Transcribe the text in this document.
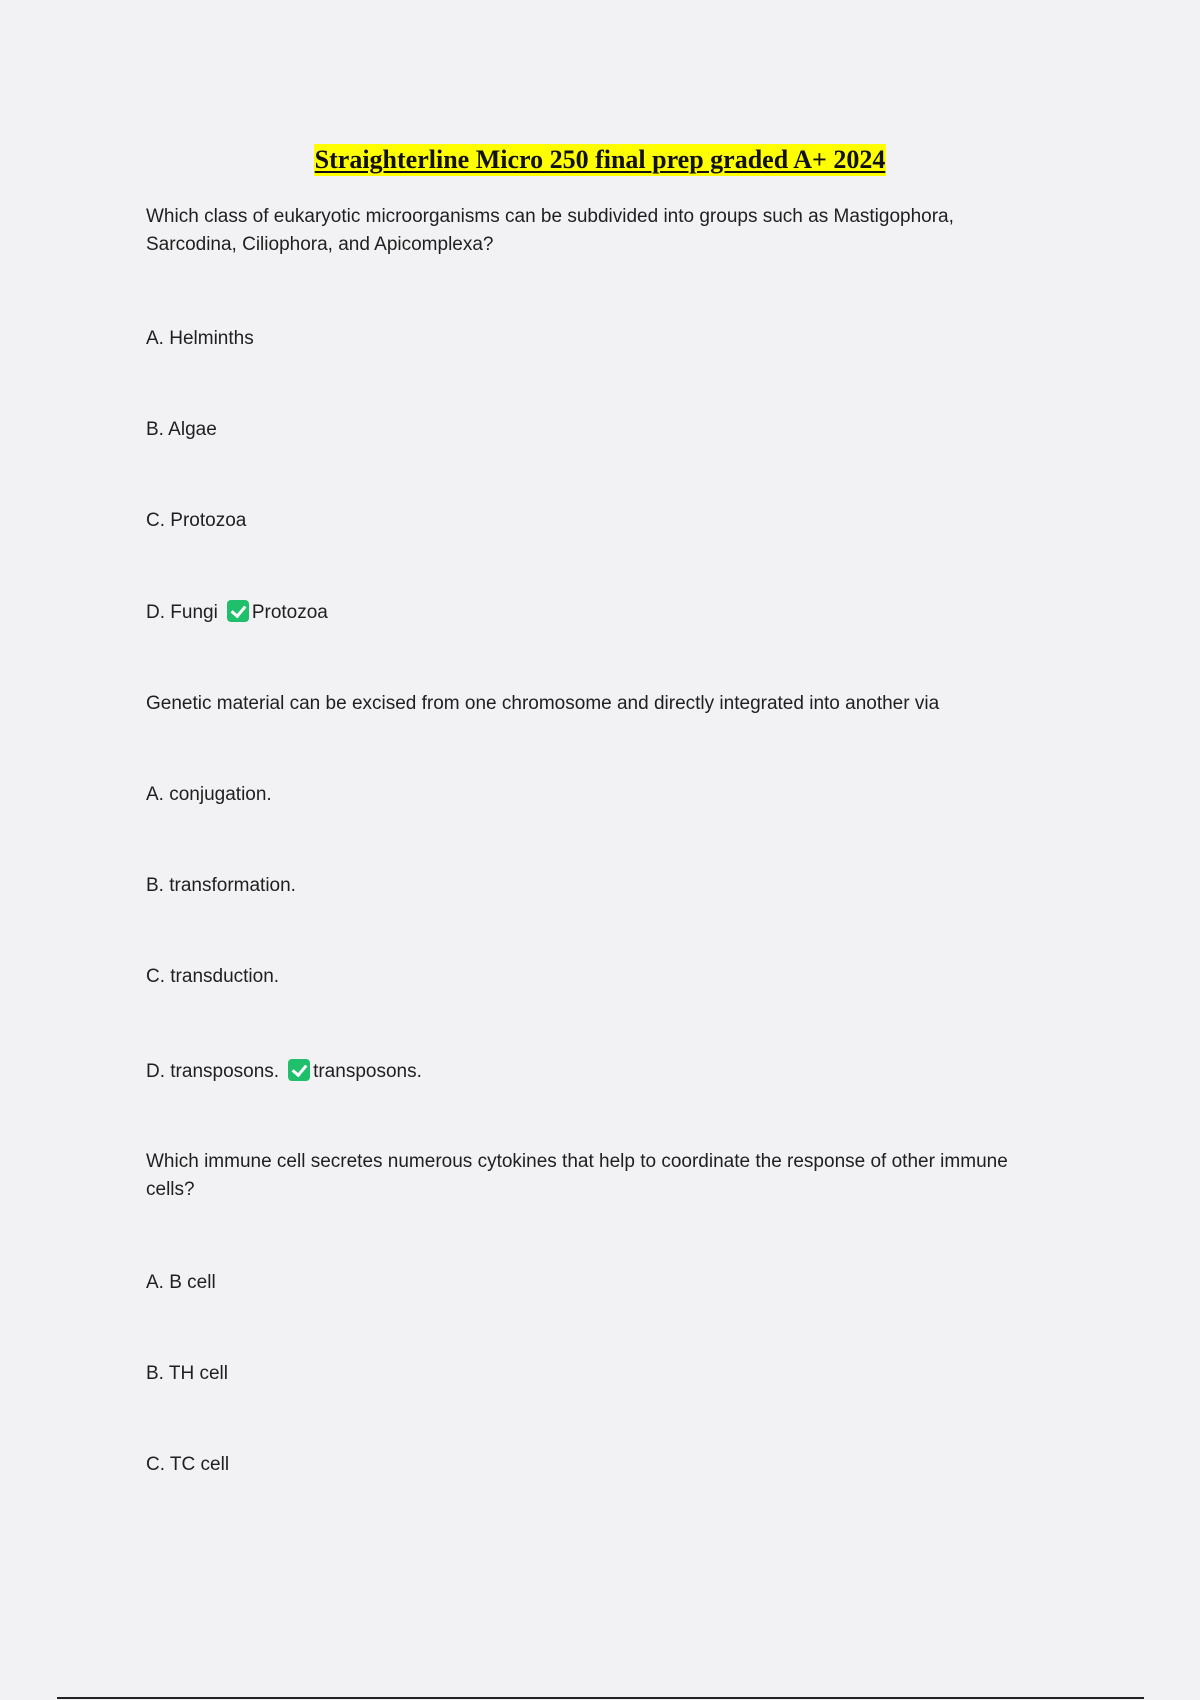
Straighterline Micro 250 final prep graded A+ 2024
Which class of eukaryotic microorganisms can be subdivided into groups such as Mastigophora, Sarcodina, Ciliophora, and Apicomplexa?
A. Helminths
B. Algae
C. Protozoa
D. Fungi Protozoa
Genetic material can be excised from one chromosome and directly integrated into another via
A. conjugation.
B. transformation.
C. transduction.
D. transposons. transposons.
Which immune cell secretes numerous cytokines that help to coordinate the response of other immune cells?
A. B cell
B. TH cell
C. TC cell
